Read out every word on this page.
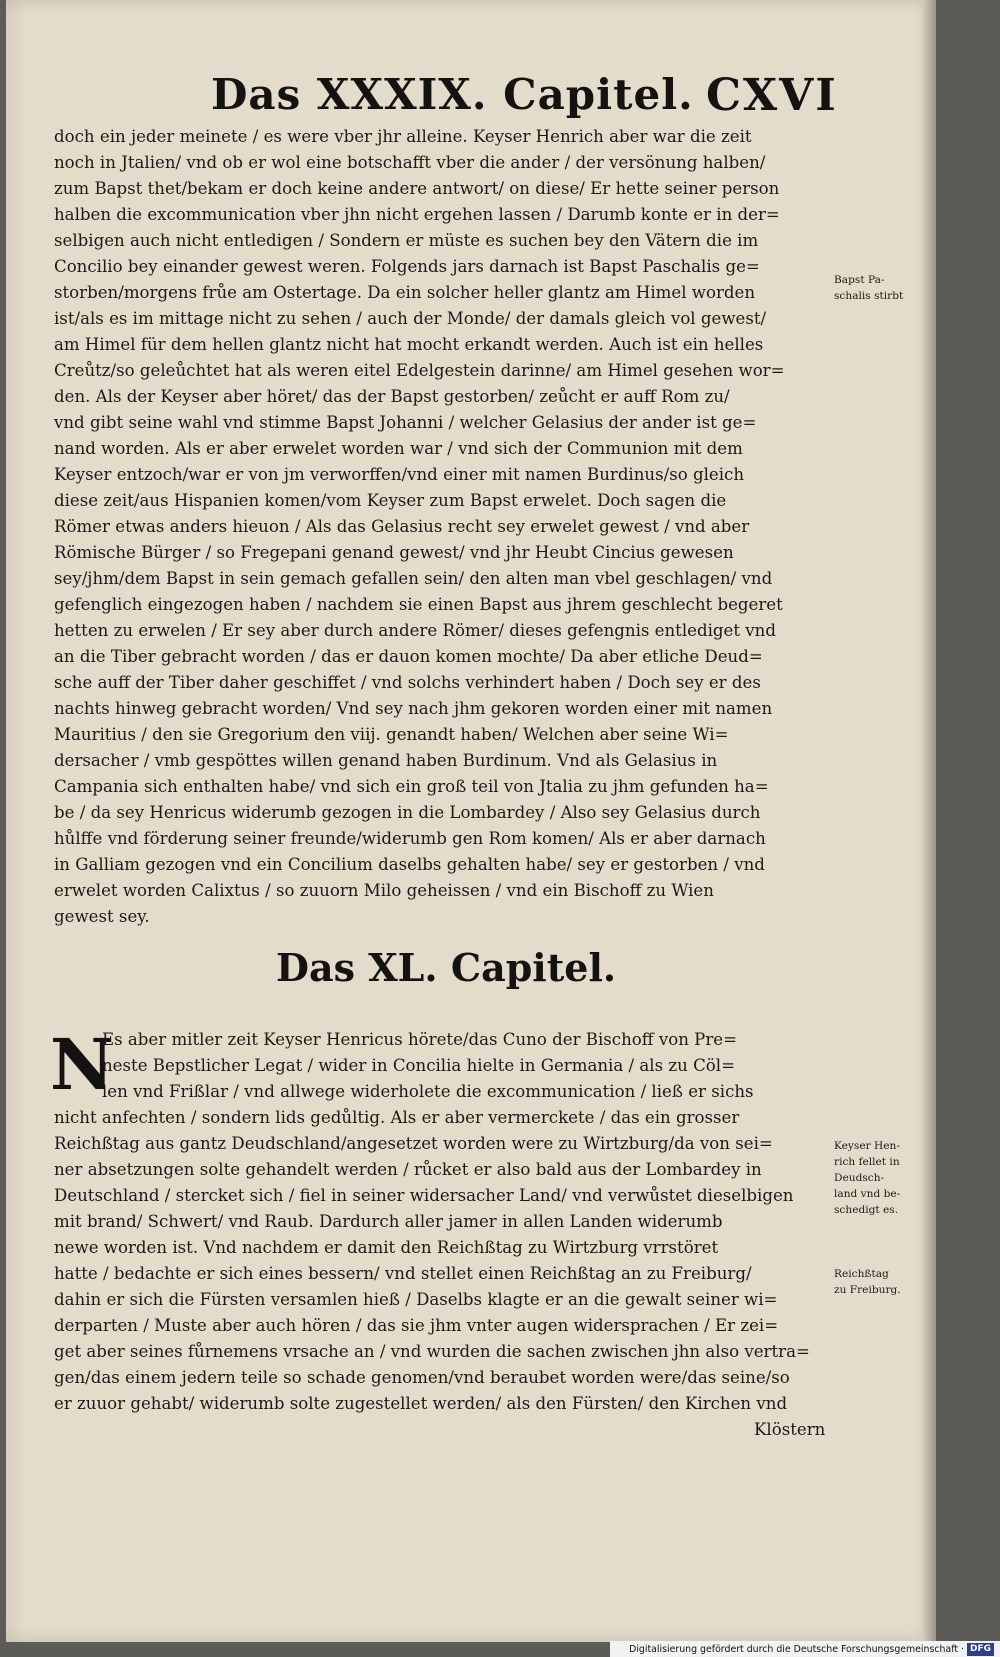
Das XXXIX. Capitel. CXVI

doch ein jeder meinete / es were vber jhr alleine. Keyser Henrich aber war die zeit

noch in Jtalien/ vnd ob er wol eine botschafft vber die ander / der versönung halben/

zum Bapst thet/bekam er doch keine andere antwort/ on diese/ Er hette seiner person

halben die excommunication vber jhn nicht ergehen lassen / Darumb konte er in der=

selbigen auch nicht entledigen / Sondern er müste es suchen bey den Vätern die im

Concilio bey einander gewest weren. Folgends jars darnach ist Bapst Paschalis ge=

storben/morgens frůe am Ostertage. Da ein solcher heller glantz am Himel worden

ist/als es im mittage nicht zu sehen / auch der Monde/ der damals gleich vol gewest/

am Himel für dem hellen glantz nicht hat mocht erkandt werden. Auch ist ein helles

Creůtz/so geleůchtet hat als weren eitel Edelgestein darinne/ am Himel gesehen wor=

den. Als der Keyser aber höret/ das der Bapst gestorben/ zeůcht er auff Rom zu/

vnd gibt seine wahl vnd stimme Bapst Johanni / welcher Gelasius der ander ist ge=

nand worden. Als er aber erwelet worden war / vnd sich der Communion mit dem

Keyser entzoch/war er von jm verworffen/vnd einer mit namen Burdinus/so gleich

diese zeit/aus Hispanien komen/vom Keyser zum Bapst erwelet. Doch sagen die

Römer etwas anders hieuon / Als das Gelasius recht sey erwelet gewest / vnd aber

Römische Bürger / so Fregepani genand gewest/ vnd jhr Heubt Cincius gewesen

sey/jhm/dem Bapst in sein gemach gefallen sein/ den alten man vbel geschlagen/ vnd

gefenglich eingezogen haben / nachdem sie einen Bapst aus jhrem geschlecht begeret

hetten zu erwelen / Er sey aber durch andere Römer/ dieses gefengnis entlediget vnd

an die Tiber gebracht worden / das er dauon komen mochte/ Da aber etliche Deud=

sche auff der Tiber daher geschiffet / vnd solchs verhindert haben / Doch sey er des

nachts hinweg gebracht worden/ Vnd sey nach jhm gekoren worden einer mit namen

Mauritius / den sie Gregorium den viij. genandt haben/ Welchen aber seine Wi=

dersacher / vmb gespöttes willen genand haben Burdinum. Vnd als Gelasius in

Campania sich enthalten habe/ vnd sich ein groß teil von Jtalia zu jhm gefunden ha=

be / da sey Henricus widerumb gezogen in die Lombardey / Also sey Gelasius durch

hůlffe vnd förderung seiner freunde/widerumb gen Rom komen/ Als er aber darnach

in Galliam gezogen vnd ein Concilium daselbs gehalten habe/ sey er gestorben / vnd

erwelet worden Calixtus / so zuuorn Milo geheissen / vnd ein Bischoff zu Wien

gewest sey.

Bapst Pa-
schalis stirbt
Das XL. Capitel.
N

Es aber mitler zeit Keyser Henricus hörete/das Cuno der Bischoff von Pre=

neste Bepstlicher Legat / wider in Concilia hielte in Germania / als zu Cöl=

len vnd Frißlar / vnd allwege widerholete die excommunication / ließ er sichs

nicht anfechten / sondern lids gedůltig. Als er aber vermerckete / das ein grosser

Reichßtag aus gantz Deudschland/angesetzet worden were zu Wirtzburg/da von sei=

ner absetzungen solte gehandelt werden / růcket er also bald aus der Lombardey in

Deutschland / stercket sich / fiel in seiner widersacher Land/ vnd verwůstet dieselbigen

mit brand/ Schwert/ vnd Raub. Dardurch aller jamer in allen Landen widerumb

newe worden ist. Vnd nachdem er damit den Reichßtag zu Wirtzburg vrrstöret

hatte / bedachte er sich eines bessern/ vnd stellet einen Reichßtag an zu Freiburg/

dahin er sich die Fürsten versamlen hieß / Daselbs klagte er an die gewalt seiner wi=

derparten / Muste aber auch hören / das sie jhm vnter augen widersprachen / Er zei=

get aber seines fůrnemens vrsache an / vnd wurden die sachen zwischen jhn also vertra=

gen/das einem jedern teile so schade genomen/vnd beraubet worden were/das seine/so

er zuuor gehabt/ widerumb solte zugestellet werden/ als den Fürsten/ den Kirchen vnd

Klöstern

Keyser Hen-
rich fellet in
Deudsch-
land vnd be-
schedigt es.
Reichßtag
zu Freiburg.
Digitalisierung gefördert durch die Deutsche Forschungsgemeinschaft · DFG
